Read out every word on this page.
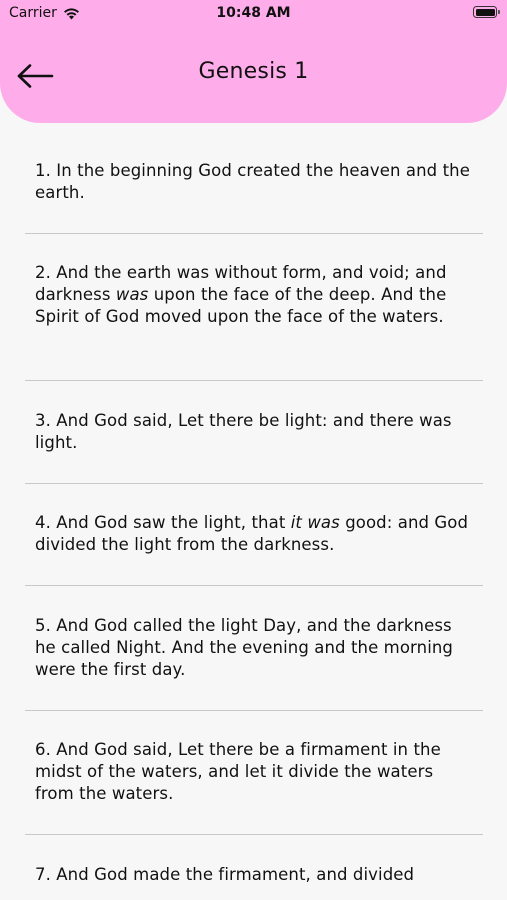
Carrier	10:48 AM
Genesis 1
1. In the beginning God created the heaven and the earth.
2. And the earth was without form, and void; and darkness was upon the face of the deep. And the Spirit of God moved upon the face of the waters.
3. And God said, Let there be light: and there was light.
4. And God saw the light, that it was good: and God divided the light from the darkness.
5. And God called the light Day, and the darkness he called Night. And the evening and the morning were the first day.
6. And God said, Let there be a firmament in the midst of the waters, and let it divide the waters from the waters.
7. And God made the firmament, and divided
